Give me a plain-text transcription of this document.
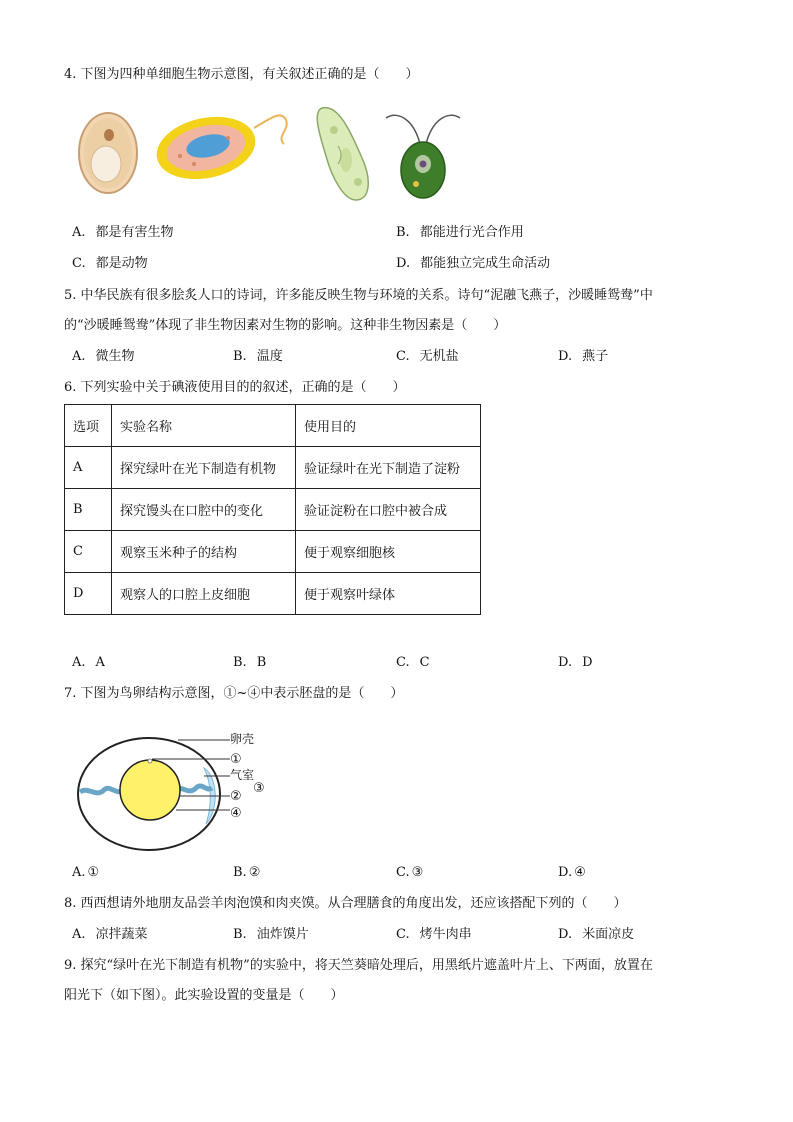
4. 下图为四种单细胞生物示意图，有关叙述正确的是（　　）
A. 都是有害生物	B. 都能进行光合作用
C. 都是动物	D. 都能独立完成生命活动
5. 中华民族有很多脍炙人口的诗词，许多能反映生物与环境的关系。诗句“泥融飞燕子，沙暖睡鸳鸯”中
的“沙暖睡鸳鸯”体现了非生物因素对生物的影响。这种非生物因素是（　　）
A. 微生物	B. 温度	C. 无机盐	D. 燕子
6. 下列实验中关于碘液使用目的的叙述，正确的是（　　）
选项	实验名称	使用目的
A	探究绿叶在光下制造有机物	验证绿叶在光下制造了淀粉
B	探究馒头在口腔中的变化	验证淀粉在口腔中被合成
C	观察玉米种子的结构	便于观察细胞核
D	观察人的口腔上皮细胞	便于观察叶绿体
A. A	B. B	C. C	D. D
7. 下图为鸟卵结构示意图，①~④中表示胚盘的是（　　）
卵壳
①
气室
③
②
④
A. ①	B. ②	C. ③	D. ④
8. 西西想请外地朋友品尝羊肉泡馍和肉夹馍。从合理膳食的角度出发，还应该搭配下列的（　　）
A. 凉拌蔬菜	B. 油炸馍片	C. 烤牛肉串	D. 米面凉皮
9. 探究“绿叶在光下制造有机物”的实验中，将天竺葵暗处理后，用黑纸片遮盖叶片上、下两面，放置在
阳光下（如下图）。此实验设置的变量是（　　）
